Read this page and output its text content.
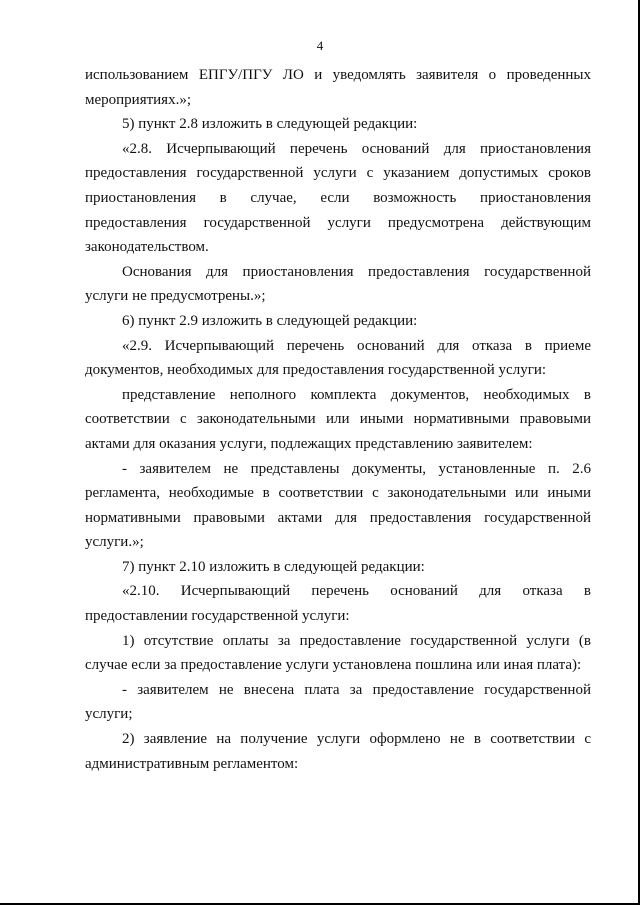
4

использованием ЕПГУ/ПГУ ЛО и уведомлять заявителя о проведенных мероприятиях.»;

5) пункт 2.8 изложить в следующей редакции:

«2.8. Исчерпывающий перечень оснований для приостановления предоставления государственной услуги с указанием допустимых сроков приостановления в случае, если возможность приостановления предоставления государственной услуги предусмотрена действующим законодательством.

Основания для приостановления предоставления государственной услуги не предусмотрены.»;

6) пункт 2.9 изложить в следующей редакции:

«2.9. Исчерпывающий перечень оснований для отказа в приеме документов, необходимых для предоставления государственной услуги:

представление неполного комплекта документов, необходимых в соответствии с законодательными или иными нормативными правовыми актами для оказания услуги, подлежащих представлению заявителем:

- заявителем не представлены документы, установленные п. 2.6 регламента, необходимые в соответствии с законодательными или иными нормативными правовыми актами для предоставления государственной услуги.»;

7) пункт 2.10 изложить в следующей редакции:

«2.10. Исчерпывающий перечень оснований для отказа в предоставлении государственной услуги:

1) отсутствие оплаты за предоставление государственной услуги (в случае если за предоставление услуги установлена пошлина или иная плата):

- заявителем не внесена плата за предоставление государственной услуги;

2) заявление на получение услуги оформлено не в соответствии с административным регламентом:
